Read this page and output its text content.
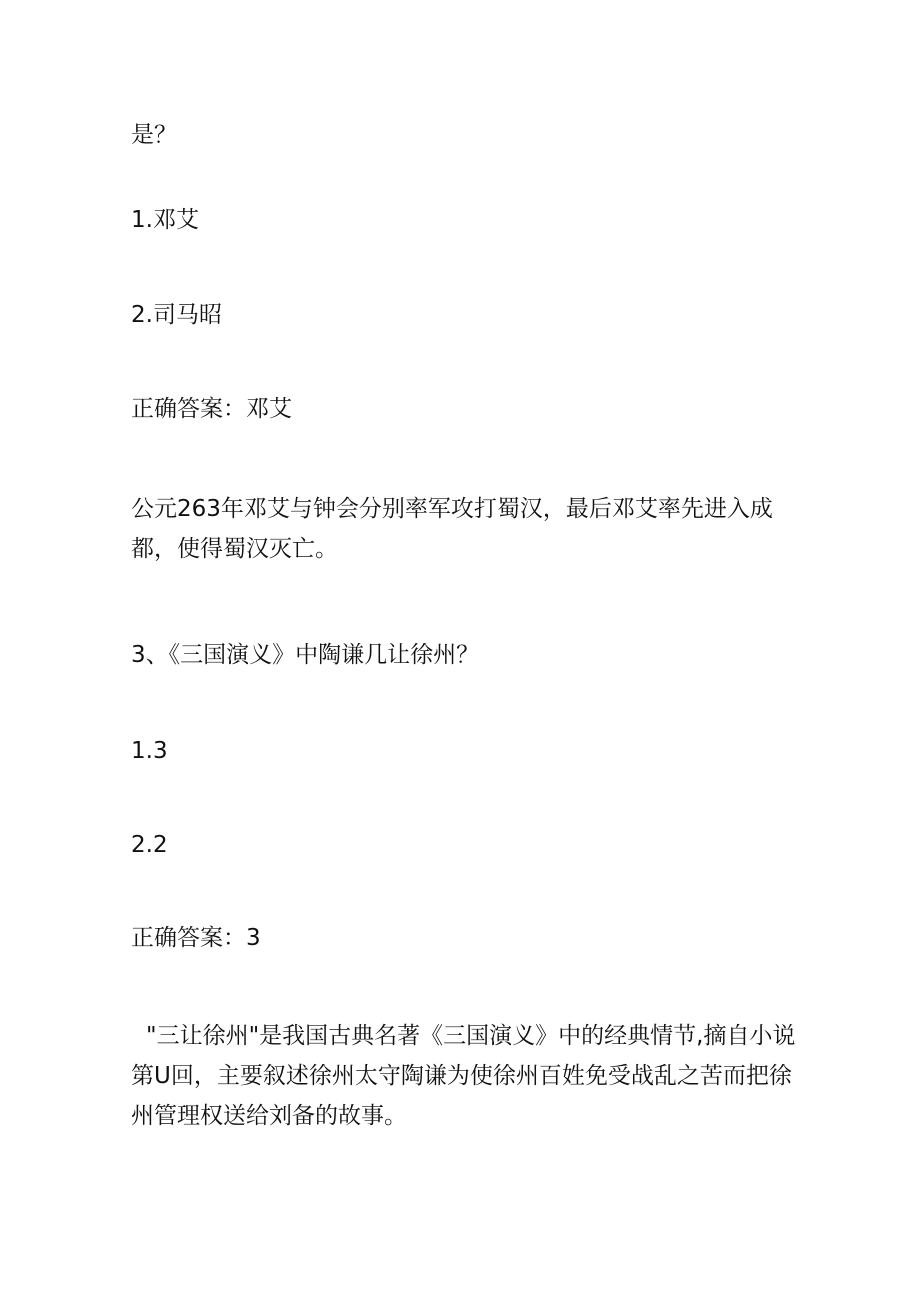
是？

1.邓艾

2.司马昭

正确答案：邓艾

公元263年邓艾与钟会分别率军攻打蜀汉，最后邓艾率先进入成
都，使得蜀汉灭亡。

3、《三国演义》中陶谦几让徐州？

1.3

2.2

正确答案：3

"三让徐州"是我国古典名著《三国演义》中的经典情节,摘自小说
第U回，主要叙述徐州太守陶谦为使徐州百姓免受战乱之苦而把徐
州管理权送给刘备的故事。
